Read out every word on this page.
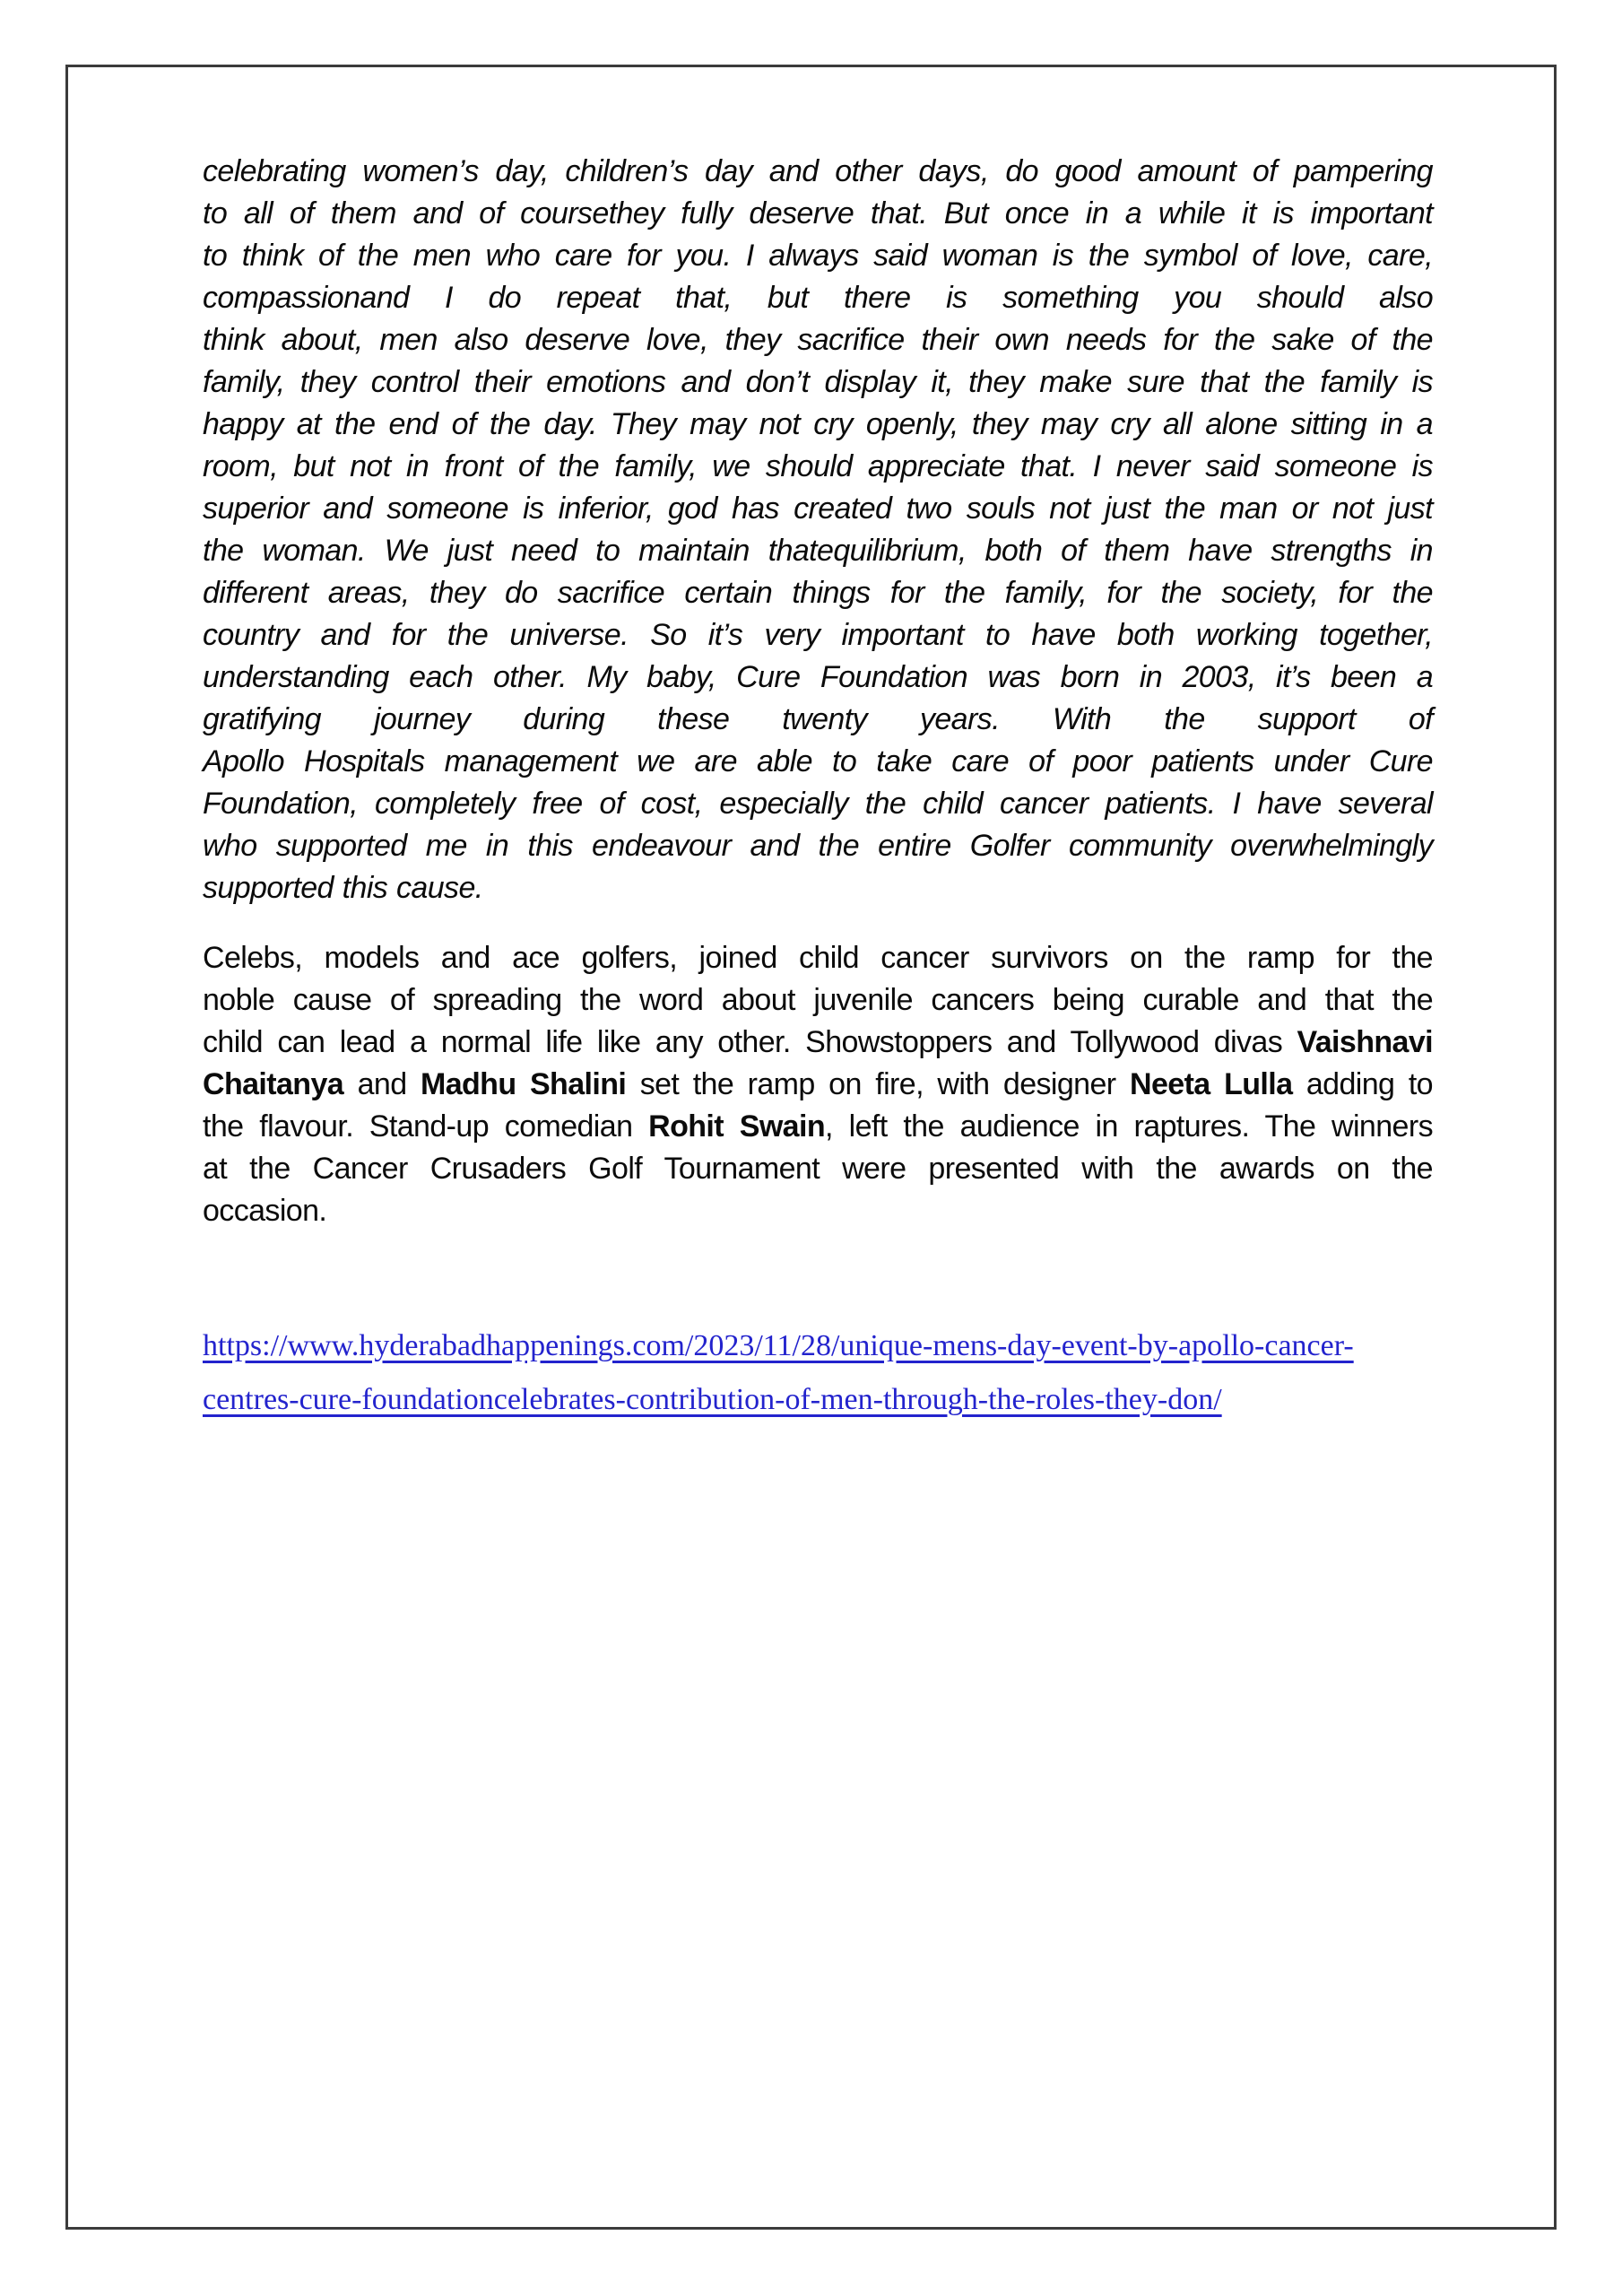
celebrating women’s day, children’s day and other days, do good amount of pampering
to all of them and of coursethey fully deserve that. But once in a while it is important
to think of the men who care for you. I always said woman is the symbol of love, care,
compassionand I do repeat that, but there is something you should also
think about, men also deserve love, they sacrifice their own needs for the sake of the
family, they control their emotions and don’t display it, they make sure that the family is
happy at the end of the day. They may not cry openly, they may cry all alone sitting in a
room, but not in front of the family, we should appreciate that. I never said someone is
superior and someone is inferior, god has created two souls not just the man or not just
the woman. We just need to maintain thatequilibrium, both of them have strengths in
different areas, they do sacrifice certain things for the family, for the society, for the
country and for the universe. So it’s very important to have both working together,
understanding each other. My baby, Cure Foundation was born in 2003, it’s been a
gratifying journey during these twenty years. With the support of
Apollo Hospitals management we are able to take care of poor patients under Cure
Foundation, completely free of cost, especially the child cancer patients. I have several
who supported me in this endeavour and the entire Golfer community overwhelmingly
supported this cause.
Celebs, models and ace golfers, joined child cancer survivors on the ramp for the
noble cause of spreading the word about juvenile cancers being curable and that the
child can lead a normal life like any other. Showstoppers and Tollywood divas Vaishnavi
Chaitanya and Madhu Shalini set the ramp on fire, with designer Neeta Lulla adding to
the flavour. Stand-up comedian Rohit Swain, left the audience in raptures. The winners
at the Cancer Crusaders Golf Tournament were presented with the awards on the
occasion.
https://www.hyderabadhappenings.com/2023/11/28/unique-mens-day-event-by-apollo-cancer-
centres-cure-foundationcelebrates-contribution-of-men-through-the-roles-they-don/
